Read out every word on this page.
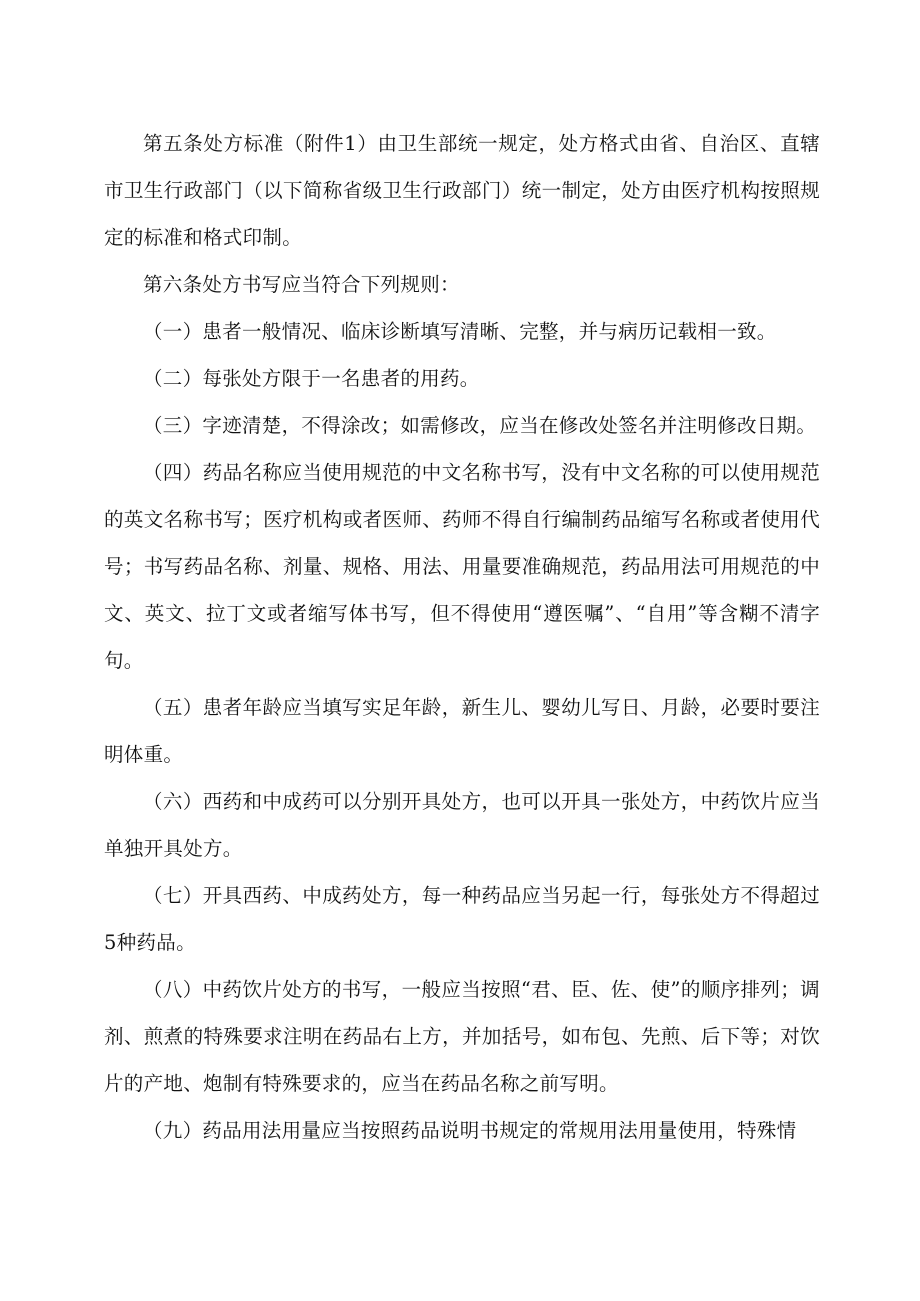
第五条处方标准（附件1）由卫生部统一规定，处方格式由省、自治区、直辖市卫生行政部门（以下简称省级卫生行政部门）统一制定，处方由医疗机构按照规定的标准和格式印制。

第六条处方书写应当符合下列规则：

（一）患者一般情况、临床诊断填写清晰、完整，并与病历记载相一致。

（二）每张处方限于一名患者的用药。

（三）字迹清楚，不得涂改；如需修改，应当在修改处签名并注明修改日期。

（四）药品名称应当使用规范的中文名称书写，没有中文名称的可以使用规范的英文名称书写；医疗机构或者医师、药师不得自行编制药品缩写名称或者使用代号；书写药品名称、剂量、规格、用法、用量要准确规范，药品用法可用规范的中文、英文、拉丁文或者缩写体书写，但不得使用“遵医嘱”、“自用”等含糊不清字句。

（五）患者年龄应当填写实足年龄，新生儿、婴幼儿写日、月龄，必要时要注明体重。

（六）西药和中成药可以分别开具处方，也可以开具一张处方，中药饮片应当单独开具处方。

（七）开具西药、中成药处方，每一种药品应当另起一行，每张处方不得超过5种药品。

（八）中药饮片处方的书写，一般应当按照“君、臣、佐、使”的顺序排列；调剂、煎煮的特殊要求注明在药品右上方，并加括号，如布包、先煎、后下等；对饮片的产地、炮制有特殊要求的，应当在药品名称之前写明。

（九）药品用法用量应当按照药品说明书规定的常规用法用量使用，特殊情
